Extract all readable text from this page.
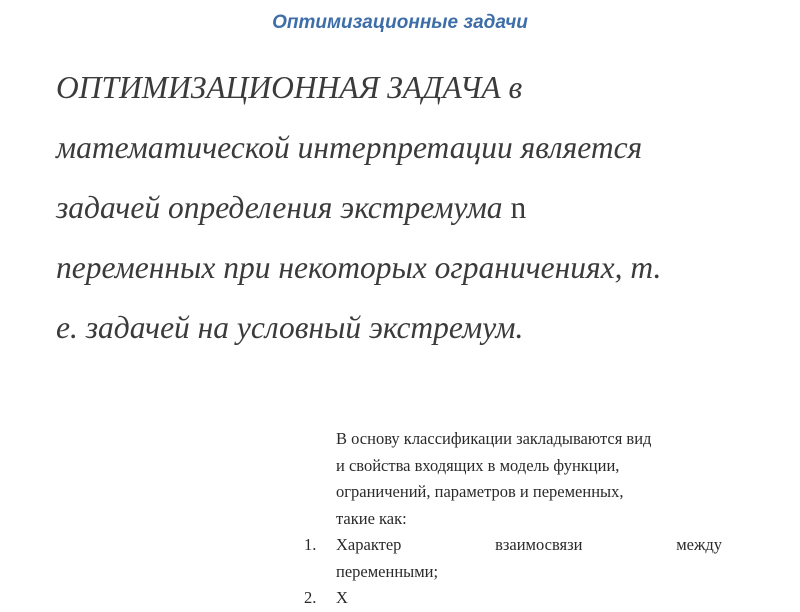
Оптимизационные задачи
ОПТИМИЗАЦИОННАЯ ЗАДАЧА в
математической интерпретации является
задачей определения экстремума n
переменных при некоторых ограничениях, т.
е. задачей на условный экстремум.
В основу классификации закладываются вид
и свойства входящих в модель функции,
ограничений, параметров и переменных,
такие как:
1. Характер	взаимосвязи	между
переменными;
2. Х
